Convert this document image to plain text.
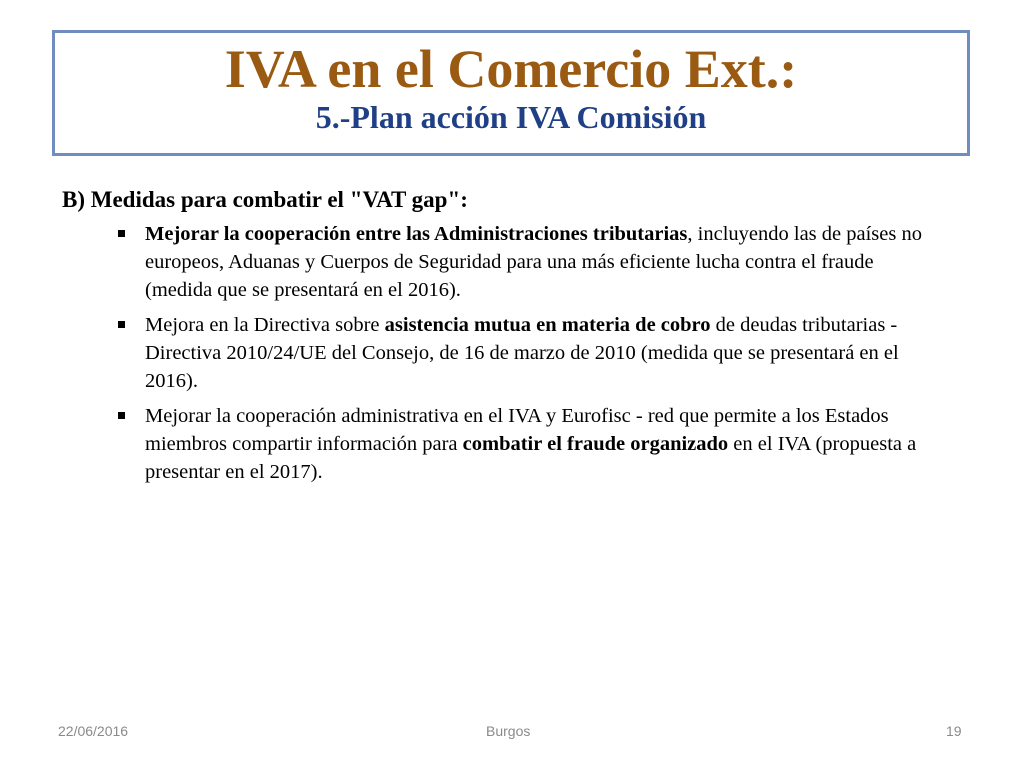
IVA en el Comercio Ext.:
5.-Plan acción IVA Comisión
B) Medidas para combatir el "VAT gap":
Mejorar la cooperación entre las Administraciones tributarias, incluyendo las de países no europeos, Aduanas y Cuerpos de Seguridad para una más eficiente lucha contra el fraude (medida que se presentará en el 2016).
Mejora en la Directiva sobre asistencia mutua en materia de cobro de deudas tributarias - Directiva 2010/24/UE del Consejo, de 16 de marzo de 2010 (medida que se presentará en el 2016).
Mejorar la cooperación administrativa en el IVA y Eurofisc - red que permite a los Estados miembros compartir información para combatir el fraude organizado en el IVA (propuesta a presentar en el 2017).
22/06/2016	Burgos	19
